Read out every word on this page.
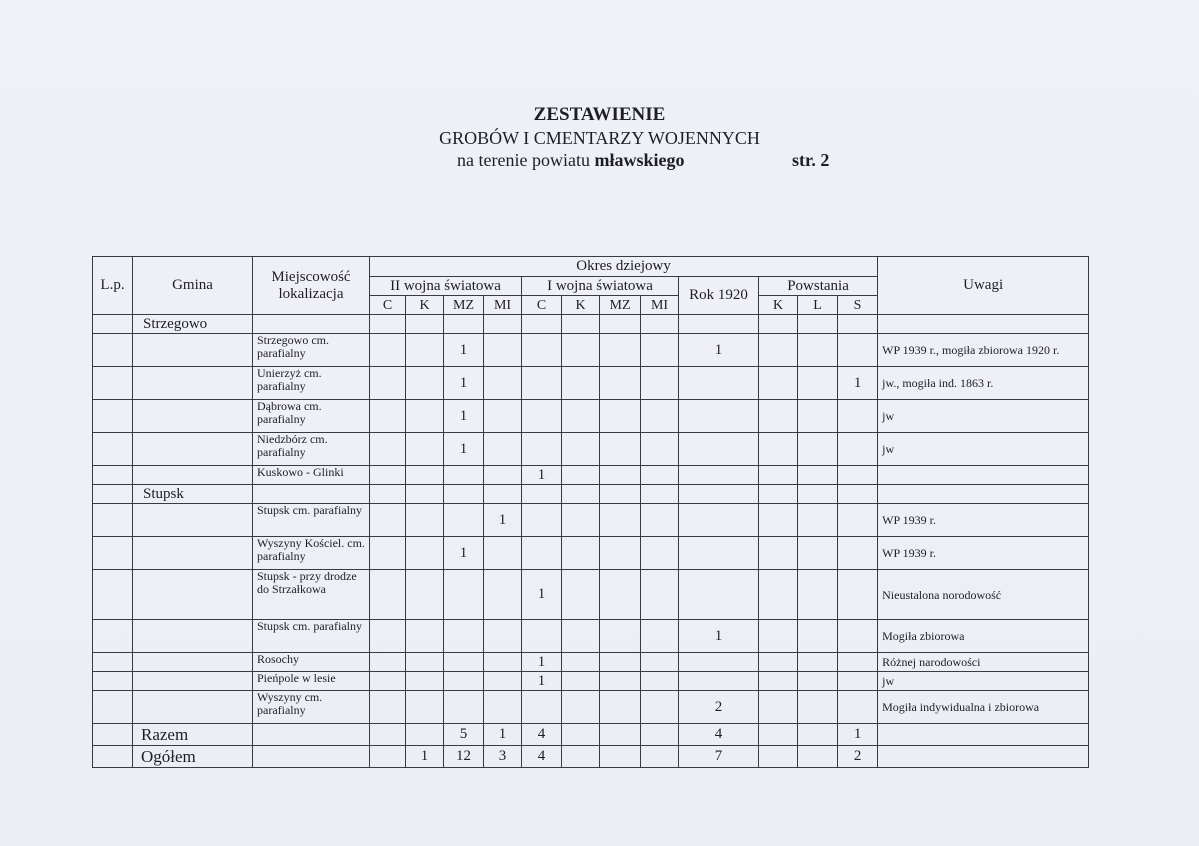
ZESTAWIENIE
GROBÓW I CMENTARZY WOJENNYCH
na terenie powiatu mławskiego	str. 2
L.p.	Gmina	Miejscowość lokalizacja	Okres dziejowy												Uwagi
			II wojna światowa				I wojna światowa				Rok 1920	Powstania			
			C	K	MZ	MI	C	K	MZ	MI		K	L	S	
	Strzegowo														
		Strzegowo cm. parafialny			1						1				WP 1939 r., mogiła zbiorowa 1920 r.
		Unierzyż cm. parafialny			1									1	jw., mogiła ind. 1863 r.
		Dąbrowa cm. parafialny			1										jw
		Niedzbórz cm. parafialny			1										jw
		Kuskowo - Glinki					1								
	Stupsk														
		Stupsk cm. parafialny				1									WP 1939 r.
		Wyszyny Kościel. cm. parafialny			1										WP 1939 r.
		Stupsk - przy drodze do Strzałkowa					1								Nieustalona norodowość
		Stupsk cm. parafialny									1				Mogiła zbiorowa
		Rosochy					1								Różnej narodowości
		Pieńpole w lesie					1								jw
		Wyszyny cm. parafialny									2				Mogiła indywidualna i zbiorowa
	Razem				5	1	4				4			1	
	Ogółem			1	12	3	4				7			2	
